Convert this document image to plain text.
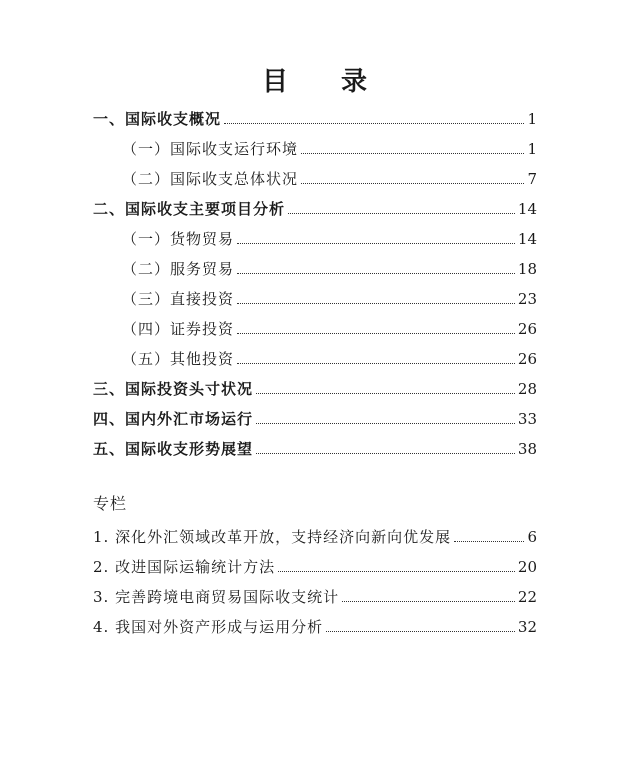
目 录
一、国际收支概况	1
（一）国际收支运行环境	1
（二）国际收支总体状况	7
二、国际收支主要项目分析	14
（一）货物贸易	14
（二）服务贸易	18
（三）直接投资	23
（四）证券投资	26
（五）其他投资	26
三、国际投资头寸状况	28
四、国内外汇市场运行	33
五、国际收支形势展望	38
专栏
1. 深化外汇领域改革开放，支持经济向新向优发展	6
2. 改进国际运输统计方法	20
3. 完善跨境电商贸易国际收支统计	22
4. 我国对外资产形成与运用分析	32
